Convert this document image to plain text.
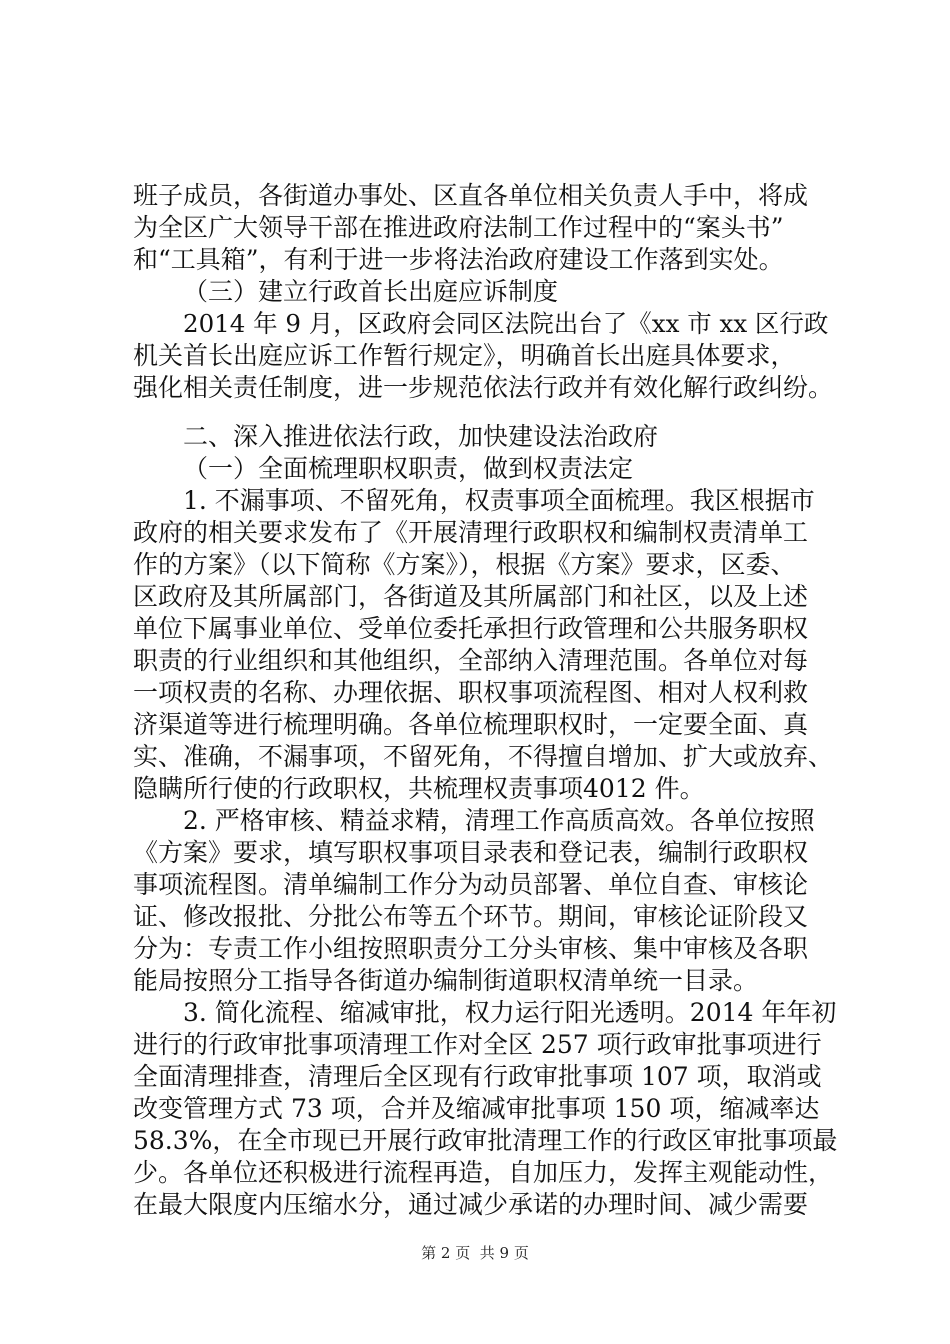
班子成员，各街道办事处、区直各单位相关负责人手中，将成
为全区广大领导干部在推进政府法制工作过程中的“案头书”
和“工具箱”，有利于进一步将法治政府建设工作落到实处。
（三）建立行政首长出庭应诉制度
2014 年 9 月，区政府会同区法院出台了《xx 市 xx 区行政
机关首长出庭应诉工作暂行规定》，明确首长出庭具体要求，
强化相关责任制度，进一步规范依法行政并有效化解行政纠纷。
二、深入推进依法行政，加快建设法治政府
（一）全面梳理职权职责，做到权责法定
1. 不漏事项、不留死角，权责事项全面梳理。我区根据市
政府的相关要求发布了《开展清理行政职权和编制权责清单工
作的方案》（以下简称《方案》），根据《方案》要求，区委、
区政府及其所属部门，各街道及其所属部门和社区，以及上述
单位下属事业单位、受单位委托承担行政管理和公共服务职权
职责的行业组织和其他组织，全部纳入清理范围。各单位对每
一项权责的名称、办理依据、职权事项流程图、相对人权利救
济渠道等进行梳理明确。各单位梳理职权时，一定要全面、真
实、准确，不漏事项，不留死角，不得擅自增加、扩大或放弃、
隐瞒所行使的行政职权，共梳理权责事项4012 件。
2. 严格审核、精益求精，清理工作高质高效。各单位按照
《方案》要求，填写职权事项目录表和登记表，编制行政职权
事项流程图。清单编制工作分为动员部署、单位自查、审核论
证、修改报批、分批公布等五个环节。期间，审核论证阶段又
分为：专责工作小组按照职责分工分头审核、集中审核及各职
能局按照分工指导各街道办编制街道职权清单统一目录。
3. 简化流程、缩减审批，权力运行阳光透明。2014 年年初
进行的行政审批事项清理工作对全区 257 项行政审批事项进行
全面清理排查，清理后全区现有行政审批事项 107 项，取消或
改变管理方式 73 项，合并及缩减审批事项 150 项，缩减率达
58.3%，在全市现已开展行政审批清理工作的行政区审批事项最
少。各单位还积极进行流程再造，自加压力，发挥主观能动性，
在最大限度内压缩水分，通过减少承诺的办理时间、减少需要
第 2 页  共 9 页
